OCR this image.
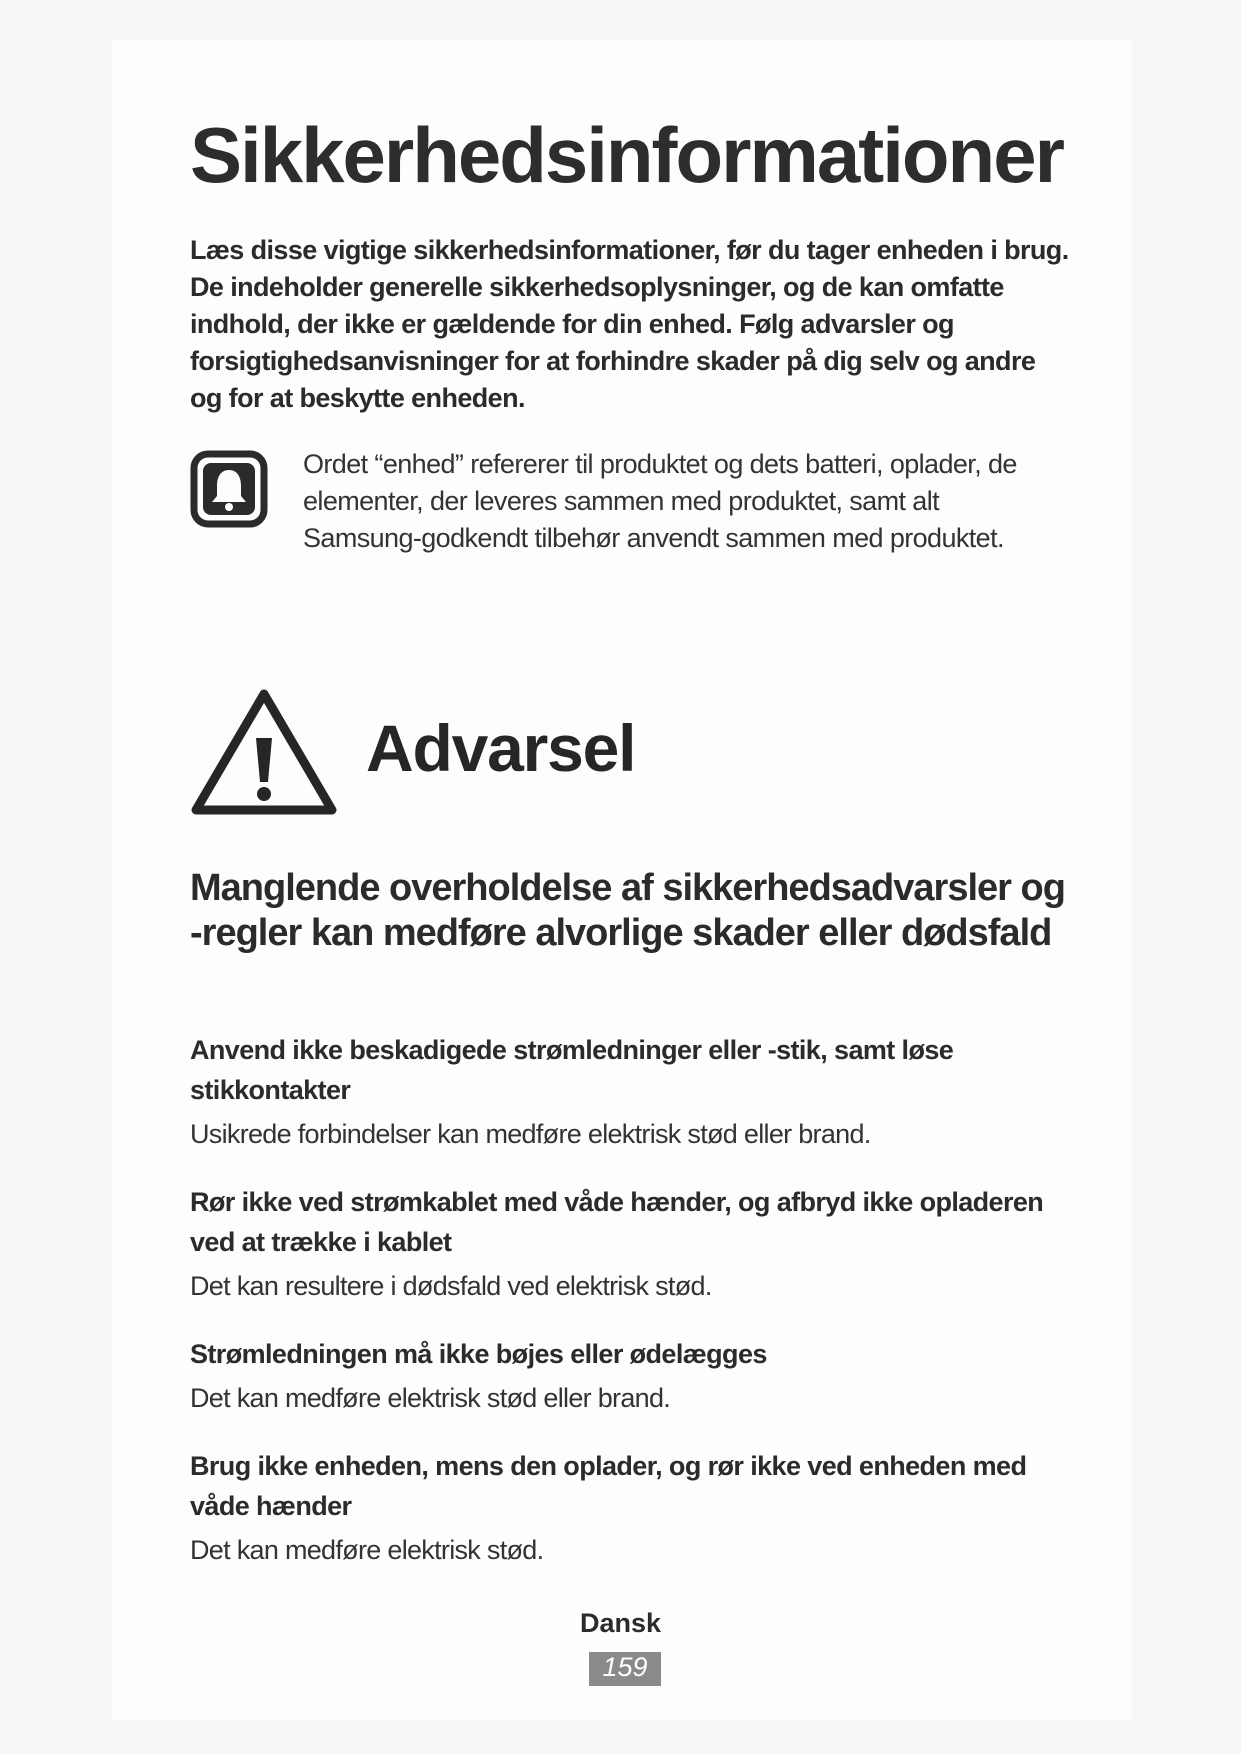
Sikkerhedsinformationer

Læs disse vigtige sikkerhedsinformationer, før du tager enheden i brug. De indeholder generelle sikkerhedsoplysninger, og de kan omfatte indhold, der ikke er gældende for din enhed. Følg advarsler og forsigtighedsanvisninger for at forhindre skader på dig selv og andre og for at beskytte enheden.

Ordet “enhed” refererer til produktet og dets batteri, oplader, de elementer, der leveres sammen med produktet, samt alt Samsung-godkendt tilbehør anvendt sammen med produktet.

Advarsel
Manglende overholdelse af sikkerhedsadvarsler og -regler kan medføre alvorlige skader eller dødsfald

Anvend ikke beskadigede strømledninger eller -stik, samt løse stikkontakter

Usikrede forbindelser kan medføre elektrisk stød eller brand.

Rør ikke ved strømkablet med våde hænder, og afbryd ikke opladeren ved at trække i kablet

Det kan resultere i dødsfald ved elektrisk stød.

Strømledningen må ikke bøjes eller ødelægges

Det kan medføre elektrisk stød eller brand.

Brug ikke enheden, mens den oplader, og rør ikke ved enheden med våde hænder

Det kan medføre elektrisk stød.

Dansk

159
